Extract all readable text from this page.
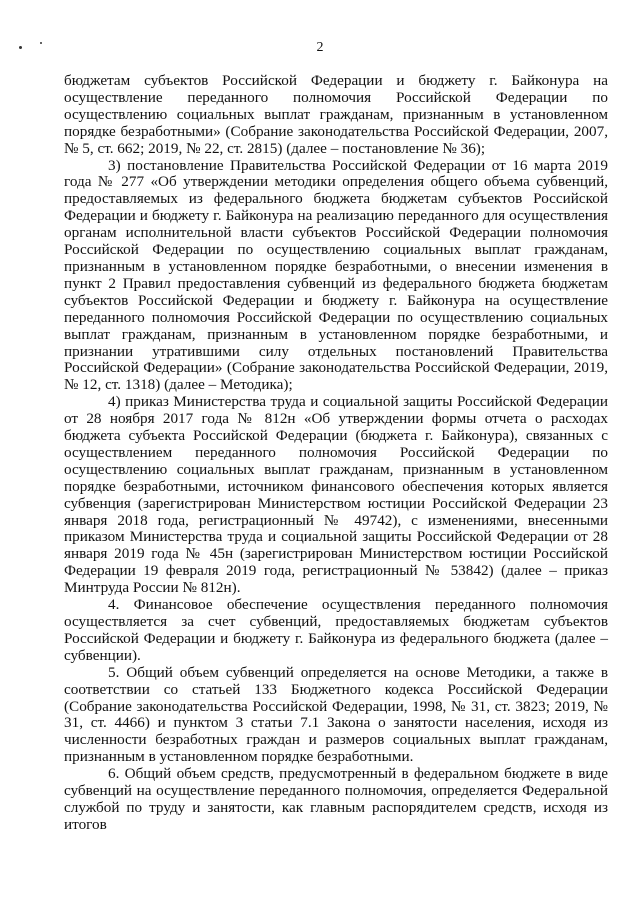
2

бюджетам субъектов Российской Федерации и бюджету г. Байконура на осуществление переданного полномочия Российской Федерации по осуществлению социальных выплат гражданам, признанным в установленном порядке безработными» (Собрание законодательства Российской Федерации, 2007, № 5, ст. 662; 2019, № 22, ст. 2815) (далее – постановление № 36);

3) постановление Правительства Российской Федерации от 16 марта 2019 года № 277 «Об утверждении методики определения общего объема субвенций, предоставляемых из федерального бюджета бюджетам субъектов Российской Федерации и бюджету г. Байконура на реализацию переданного для осуществления органам исполнительной власти субъектов Российской Федерации полномочия Российской Федерации по осуществлению социальных выплат гражданам, признанным в установленном порядке безработными, о внесении изменения в пункт 2 Правил предоставления субвенций из федерального бюджета бюджетам субъектов Российской Федерации и бюджету г. Байконура на осуществление переданного полномочия Российской Федерации по осуществлению социальных выплат гражданам, признанным в установленном порядке безработными, и признании утратившими силу отдельных постановлений Правительства Российской Федерации» (Собрание законодательства Российской Федерации, 2019, № 12, ст. 1318) (далее – Методика);

4) приказ Министерства труда и социальной защиты Российской Федерации от 28 ноября 2017 года № 812н «Об утверждении формы отчета о расходах бюджета субъекта Российской Федерации (бюджета г. Байконура), связанных с осуществлением переданного полномочия Российской Федерации по осуществлению социальных выплат гражданам, признанным в установленном порядке безработными, источником финансового обеспечения которых является субвенция (зарегистрирован Министерством юстиции Российской Федерации 23 января 2018 года, регистрационный № 49742), с изменениями, внесенными приказом Министерства труда и социальной защиты Российской Федерации от 28 января 2019 года № 45н (зарегистрирован Министерством юстиции Российской Федерации 19 февраля 2019 года, регистрационный № 53842) (далее – приказ Минтруда России № 812н).

4. Финансовое обеспечение осуществления переданного полномочия осуществляется за счет субвенций, предоставляемых бюджетам субъектов Российской Федерации и бюджету г. Байконура из федерального бюджета (далее – субвенции).

5. Общий объем субвенций определяется на основе Методики, а также в соответствии со статьей 133 Бюджетного кодекса Российской Федерации (Собрание законодательства Российской Федерации, 1998, № 31, ст. 3823; 2019, № 31, ст. 4466) и пунктом 3 статьи 7.1 Закона о занятости населения, исходя из численности безработных граждан и размеров социальных выплат гражданам, признанным в установленном порядке безработными.

6. Общий объем средств, предусмотренный в федеральном бюджете в виде субвенций на осуществление переданного полномочия, определяется Федеральной службой по труду и занятости, как главным распорядителем средств, исходя из итогов
